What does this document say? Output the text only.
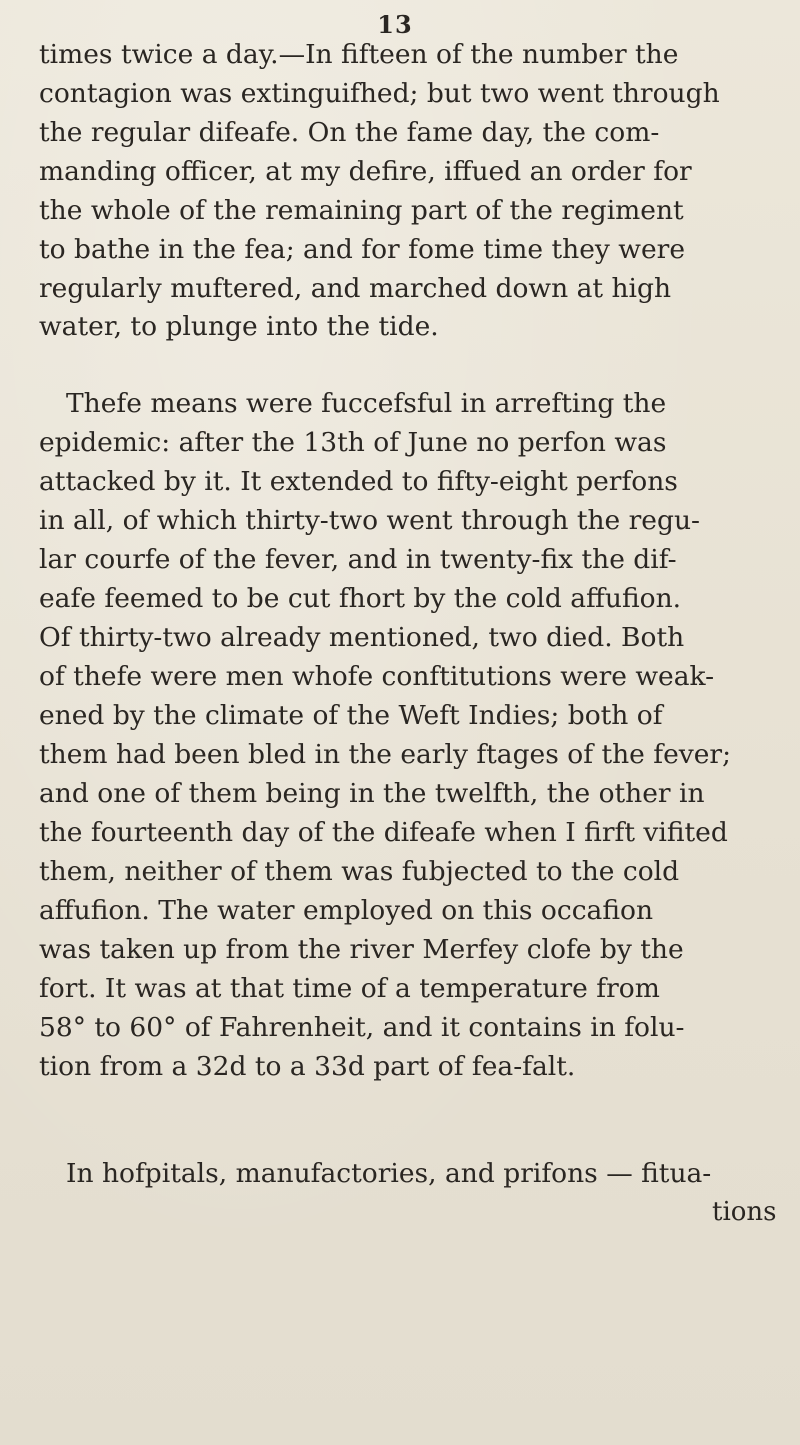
13
times twice a day.—In fifteen of the number the
contagion was extinguifhed; but two went through
the regular difeafe. On the fame day, the com-
manding officer, at my defire, iffued an order for
the whole of the remaining part of the regiment
to bathe in the fea; and for fome time they were
regularly muftered, and marched down at high
water, to plunge into the tide.
Thefe means were fuccefsful in arrefting the
epidemic: after the 13th of June no perfon was
attacked by it. It extended to fifty-eight perfons
in all, of which thirty-two went through the regu-
lar courfe of the fever, and in twenty-fix the dif-
eafe feemed to be cut fhort by the cold affufion.
Of thirty-two already mentioned, two died. Both
of thefe were men whofe conftitutions were weak-
ened by the climate of the Weft Indies; both of
them had been bled in the early ftages of the fever;
and one of them being in the twelfth, the other in
the fourteenth day of the difeafe when I firft vifited
them, neither of them was fubjected to the cold
affufion. The water employed on this occafion
was taken up from the river Merfey clofe by the
fort. It was at that time of a temperature from
58° to 60° of Fahrenheit, and it contains in folu-
tion from a 32d to a 33d part of fea-falt.
In hofpitals, manufactories, and prifons — fitua-
tions
